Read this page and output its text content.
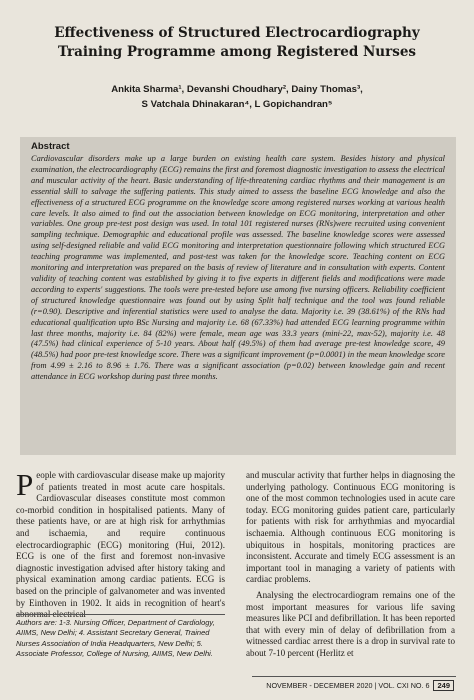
Effectiveness of Structured Electrocardiography Training Programme among Registered Nurses
Ankita Sharma¹, Devanshi Choudhary², Dainy Thomas³,
S Vatchala Dhinakaran⁴, L Gopichandran⁵
Abstract

Cardiovascular disorders make up a large burden on existing health care system. Besides history and physical examination, the electrocardiography (ECG) remains the first and foremost diagnostic investigation to assess the electrical and muscular activity of the heart. Basic understanding of life-threatening cardiac rhythms and their management is an essential skill to salvage the suffering patients. This study aimed to assess the baseline ECG knowledge and also the effectiveness of a structured ECG programme on the knowledge score among registered nurses working at various health care levels. It also aimed to find out the association between knowledge on ECG monitoring, interpretation and other variables. One group pre-test post design was used. In total 101 registered nurses (RNs)were recruited using convenient sampling technique. Demographic and educational profile was assessed. The baseline knowledge scores were assessed using self-designed reliable and valid ECG monitoring and interpretation questionnaire following which structured ECG teaching programme was implemented, and post-test was taken for the knowledge score. Teaching content on ECG monitoring and interpretation was prepared on the basis of review of literature and in consultation with experts. Content validity of teaching content was established by giving it to five experts in different fields and modifications were made according to experts' suggestions. The tools were pre-tested before use among five nursing officers. Reliability coefficient of structured knowledge questionnaire was found out by using Split half technique and the tool was found reliable (r=0.90). Descriptive and inferential statistics were used to analyse the data. Majority i.e. 39 (38.61%) of the RNs had educational qualification upto BSc Nursing and majority i.e. 68 (67.33%) had attended ECG learning programme within last three months, majority i.e. 84 (82%) were female, mean age was 33.3 years (mini-22, max-52), majority i.e. 48 (47.5%) had clinical experience of 5-10 years. About half (49.5%) of them had average pre-test knowledge score, 49 (48.5%) had poor pre-test knowledge score. There was a significant improvement (p=0.0001) in the mean knowledge score from 4.99 ± 2.16 to 8.96 ± 1.76. There was a significant association (p=0.02) between knowledge gain and recent attendance in ECG workshop during past three months.

People with cardiovascular disease make up majority of patients treated in most acute care hospitals. Cardiovascular diseases constitute most common co-morbid condition in hospitalised patients. Many of these patients have, or are at high risk for arrhythmias and ischaemia, and require continuous electrocardiographic (ECG) monitoring (Hui, 2012). ECG is one of the first and foremost non-invasive diagnostic investigation advised after history taking and physical examination among cardiac patients. ECG is based on the principle of galvanometer and was invented by Einthoven in 1902. It aids in recognition of heart's abnormal electrical

Authors are: 1-3. Nursing Officer, Department of Cardiology, AIIMS, New Delhi; 4. Assistant Secretary General, Trained Nurses Association of India Headquarters, New Delhi; 5. Associate Professor, College of Nursing, AIIMS, New Delhi.

and muscular activity that further helps in diagnosing the underlying pathology. Continuous ECG monitoring is one of the most common technologies used in acute care today. ECG monitoring guides patient care, particularly for patients with risk for arrhythmias and myocardial ischaemia. Although continuous ECG monitoring is ubiquitous in hospitals, monitoring practices are inconsistent. Accurate and timely ECG assessment is an important tool in managing a variety of patients with cardiac problems.

Analysing the electrocardiogram remains one of the most important measures for various life saving measures like PCI and defibrillation. It has been reported that with every min of delay of defibrillation from a witnessed cardiac arrest there is a drop in survival rate to about 7-10 percent (Herlitz et

NOVEMBER - DECEMBER 2020 | VOL. CXI NO. 6	249
